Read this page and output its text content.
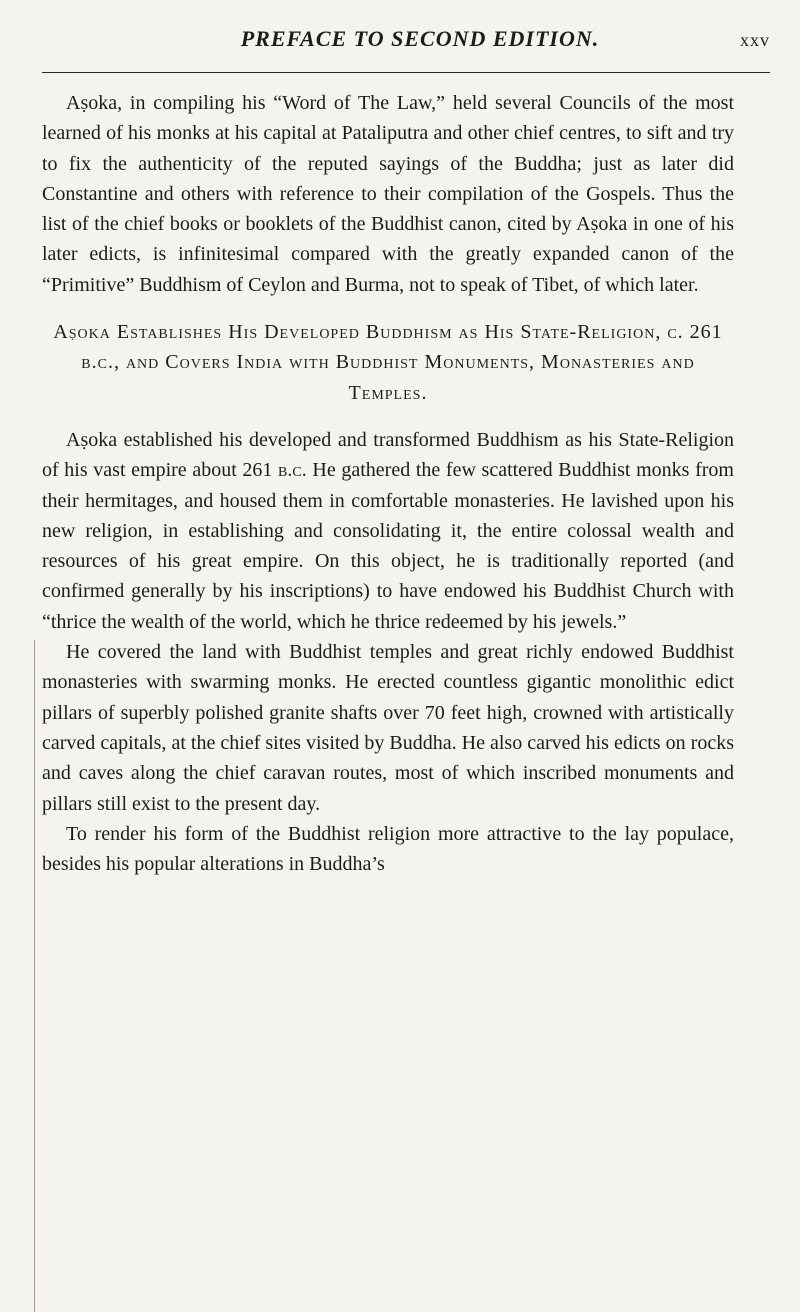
PREFACE TO SECOND EDITION.	xxv

Aṣoka, in compiling his “Word of The Law,” held several Councils of the most learned of his monks at his capital at Pataliputra and other chief centres, to sift and try to fix the authenticity of the reputed sayings of the Buddha; just as later did Constantine and others with reference to their compilation of the Gospels. Thus the list of the chief books or booklets of the Buddhist canon, cited by Aṣoka in one of his later edicts, is infinitesimal compared with the greatly expanded canon of the “Primitive” Buddhism of Ceylon and Burma, not to speak of Tibet, of which later.

Aṣoka Establishes His Developed Buddhism as His State-Religion, c. 261 b.c., and Covers India with Buddhist Monuments, Monasteries and Temples.

Aṣoka established his developed and transformed Buddhism as his State-Religion of his vast empire about 261 b.c. He gathered the few scattered Buddhist monks from their hermitages, and housed them in comfortable monasteries. He lavished upon his new religion, in establishing and consolidating it, the entire colossal wealth and resources of his great empire. On this object, he is traditionally reported (and confirmed generally by his inscriptions) to have endowed his Buddhist Church with “thrice the wealth of the world, which he thrice redeemed by his jewels.”

He covered the land with Buddhist temples and great richly endowed Buddhist monasteries with swarming monks. He erected countless gigantic monolithic edict pillars of superbly polished granite shafts over 70 feet high, crowned with artistically carved capitals, at the chief sites visited by Buddha. He also carved his edicts on rocks and caves along the chief caravan routes, most of which inscribed monuments and pillars still exist to the present day.

To render his form of the Buddhist religion more attractive to the lay populace, besides his popular alterations in Buddha’s
